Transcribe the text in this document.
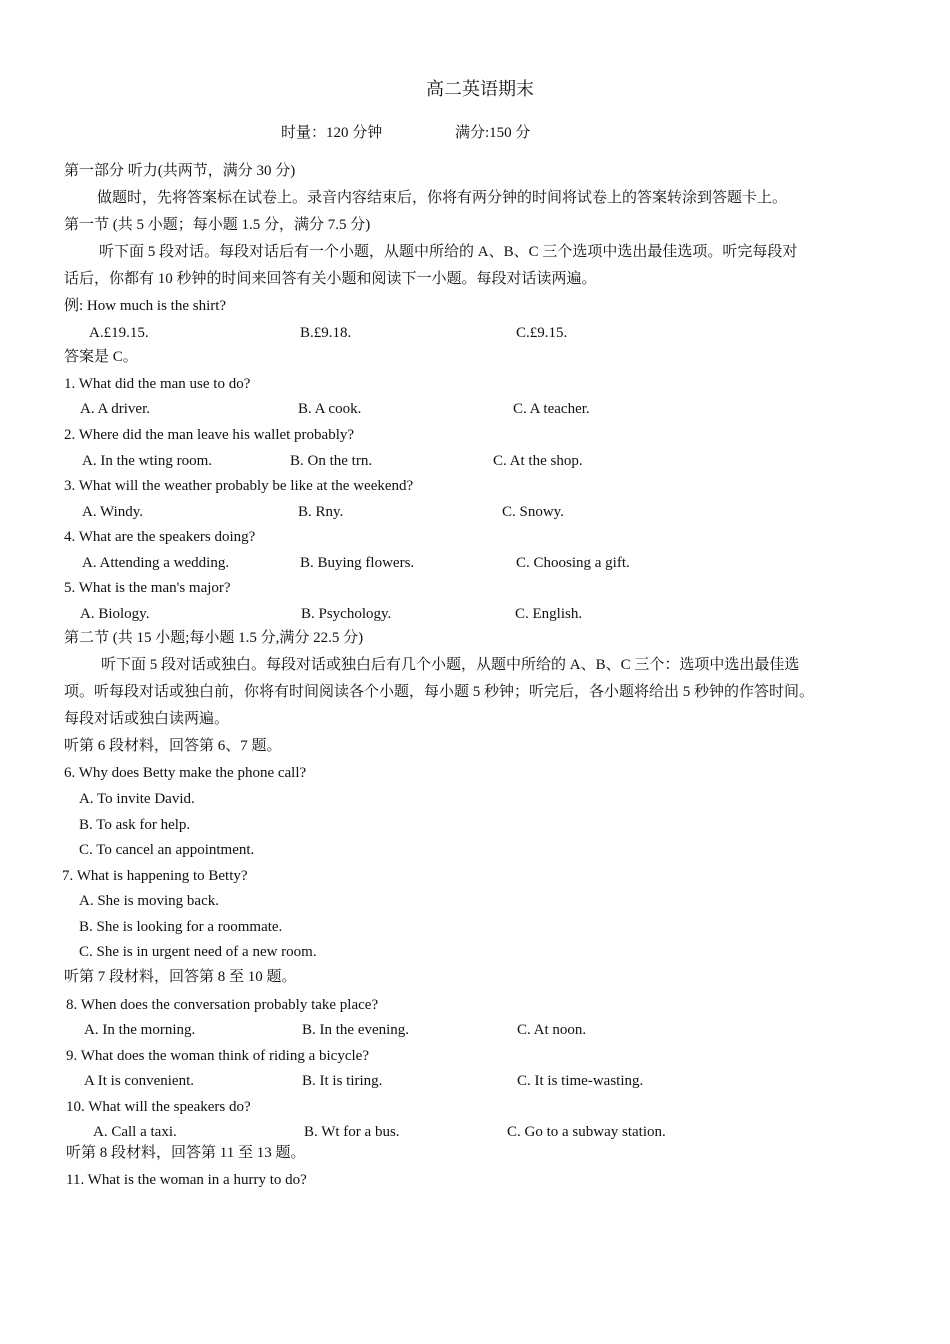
高二英语期末
时量：120 分钟	满分:150 分
第一部分 听力(共两节，满分 30 分)
做题时，先将答案标在试卷上。录音内容结束后，你将有两分钟的时间将试卷上的答案转涂到答题卡上。
第一节 (共 5 小题；每小题 1.5 分，满分 7.5 分)
听下面 5 段对话。每段对话后有一个小题，从题中所给的 A、B、C 三个选项中选出最佳选项。听完每段对
话后，你都有 10 秒钟的时间来回答有关小题和阅读下一小题。每段对话读两遍。
例: How much is the shirt?
A.£19.15.	B.£9.18.	C.£9.15.
答案是 C。
1. What did the man use to do?
A. A driver.	B. A cook.	C. A teacher.
2. Where did the man leave his wallet probably?
A. In the wting room.	B. On the trn.	C. At the shop.
3. What will the weather probably be like at the weekend?
A. Windy.	B. Rny.	C. Snowy.
4. What are the speakers doing?
A. Attending a wedding.	B. Buying flowers.	C. Choosing a gift.
5. What is the man's major?
A. Biology.	B. Psychology.	C. English.
第二节 (共 15 小题;每小题 1.5 分,满分 22.5 分)
听下面 5 段对话或独白。每段对话或独白后有几个小题，从题中所给的 A、B、C 三个：选项中选出最佳选
项。听每段对话或独白前，你将有时间阅读各个小题，每小题 5 秒钟；听完后，各小题将给出 5 秒钟的作答时间。
每段对话或独白读两遍。
听第 6 段材料，回答第 6、7 题。
6. Why does Betty make the phone call?
A. To invite David.
B. To ask for help.
C. To cancel an appointment.
7. What is happening to Betty?
A. She is moving back.
B. She is looking for a roommate.
C. She is in urgent need of a new room.
听第 7 段材料，回答第 8 至 10 题。
8. When does the conversation probably take place?
A. In the morning.	B. In the evening.	C. At noon.
9. What does the woman think of riding a bicycle?
A It is convenient.	B. It is tiring.	C. It is time-wasting.
10. What will the speakers do?
A. Call a taxi.	B. Wt for a bus.	C. Go to a subway station.
听第 8 段材料，回答第 11 至 13 题。
11. What is the woman in a hurry to do?
